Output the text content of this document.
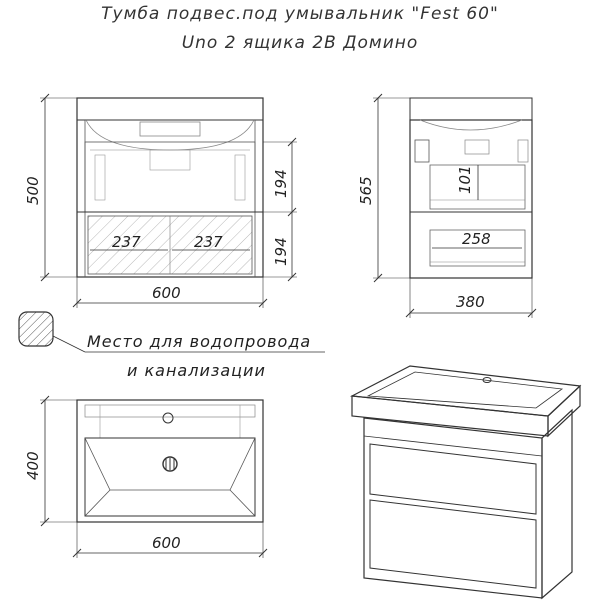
Тумба подвес.под умывальник "Fest 60"
Uno 2 ящика 2В Домино
237	237
500
600
194
194
101
258
565
380
Место для водопровода
и канализации
400
600
